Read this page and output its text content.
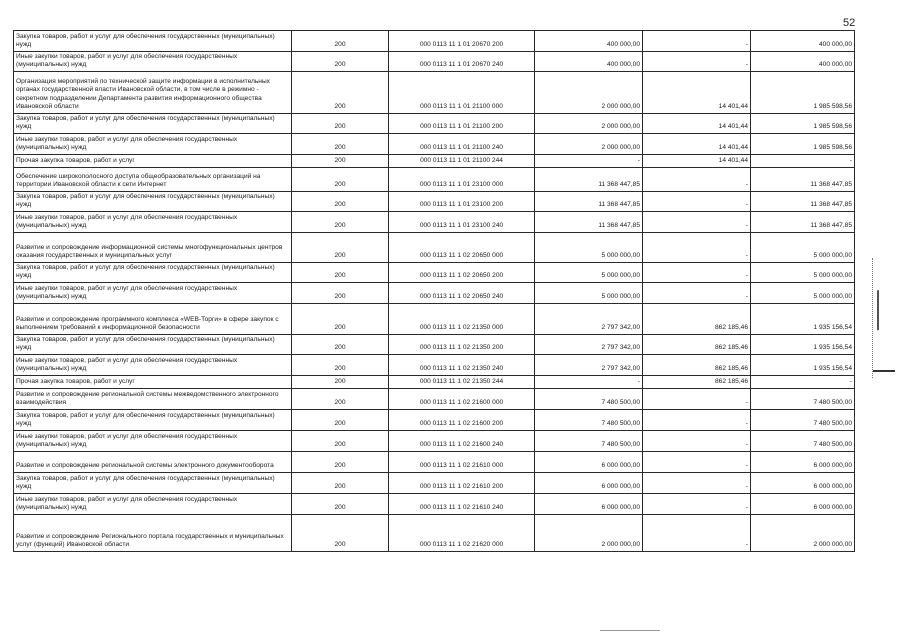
52
Закупка товаров, работ и услуг для обеспечения государственных (муниципальных) нужд	200	000 0113 11 1 01 20670 200	400 000,00	-	400 000,00
Иные закупки товаров, работ и услуг для обеспечения государственных (муниципальных) нужд	200	000 0113 11 1 01 20670 240	400 000,00	-	400 000,00
Организация мероприятий по технической защите информации в исполнительных органах государственной власти Ивановской области, в том числе в режимно - секретном подразделении Департамента развития информационного общества Ивановской области	200	000 0113 11 1 01 21100 000	2 000 000,00	14 401,44	1 985 598,56
Закупка товаров, работ и услуг для обеспечения государственных (муниципальных) нужд	200	000 0113 11 1 01 21100 200	2 000 000,00	14 401,44	1 985 598,56
Иные закупки товаров, работ и услуг для обеспечения государственных (муниципальных) нужд	200	000 0113 11 1 01 21100 240	2 000 000,00	14 401,44	1 985 598,56
Прочая закупка товаров, работ и услуг	200	000 0113 11 1 01 21100 244	-	14 401,44	-
Обеспечение широкополосного доступа общеобразовательных организаций на территории Ивановской области к сети Интернет	200	000 0113 11 1 01 23100 000	11 368 447,85	-	11 368 447,85
Закупка товаров, работ и услуг для обеспечения государственных (муниципальных) нужд	200	000 0113 11 1 01 23100 200	11 368 447,85	-	11 368 447,85
Иные закупки товаров, работ и услуг для обеспечения государственных (муниципальных) нужд	200	000 0113 11 1 01 23100 240	11 368 447,85	-	11 368 447,85
Развитие и сопровождение информационной системы многофункциональных центров оказания государственных и муниципальных услуг	200	000 0113 11 1 02 20650 000	5 000 000,00	-	5 000 000,00
Закупка товаров, работ и услуг для обеспечения государственных (муниципальных) нужд	200	000 0113 11 1 02 20650 200	5 000 000,00	-	5 000 000,00
Иные закупки товаров, работ и услуг для обеспечения государственных (муниципальных) нужд	200	000 0113 11 1 02 20650 240	5 000 000,00	-	5 000 000,00
Развитие и сопровождение программного комплекса «WEB-Торги» в сфере закупок с выполнением требований к информационной безопасности	200	000 0113 11 1 02 21350 000	2 797 342,00	862 185,46	1 935 156,54
Закупка товаров, работ и услуг для обеспечения государственных (муниципальных) нужд	200	000 0113 11 1 02 21350 200	2 797 342,00	862 185,46	1 935 156,54
Иные закупки товаров, работ и услуг для обеспечения государственных (муниципальных) нужд	200	000 0113 11 1 02 21350 240	2 797 342,00	862 185,46	1 935 156,54
Прочая закупка товаров, работ и услуг	200	000 0113 11 1 02 21350 244	-	862 185,46	-
Развитие и сопровождение региональной системы межведомственного электронного взаимодействия	200	000 0113 11 1 02 21600 000	7 480 500,00	-	7 480 500,00
Закупка товаров, работ и услуг для обеспечения государственных (муниципальных) нужд	200	000 0113 11 1 02 21600 200	7 480 500,00	-	7 480 500,00
Иные закупки товаров, работ и услуг для обеспечения государственных (муниципальных) нужд	200	000 0113 11 1 02 21600 240	7 480 500,00	-	7 480 500,00
Развитие и сопровождение региональной системы электронного документооборота	200	000 0113 11 1 02 21610 000	6 000 000,00	-	6 000 000,00
Закупка товаров, работ и услуг для обеспечения государственных (муниципальных) нужд	200	000 0113 11 1 02 21610 200	6 000 000,00	-	6 000 000,00
Иные закупки товаров, работ и услуг для обеспечения государственных (муниципальных) нужд	200	000 0113 11 1 02 21610 240	6 000 000,00	-	6 000 000,00
Развитие и сопровождение Регионального портала государственных и муниципальных услуг (функций) Ивановской области	200	000 0113 11 1 02 21620 000	2 000 000,00	-	2 000 000,00
